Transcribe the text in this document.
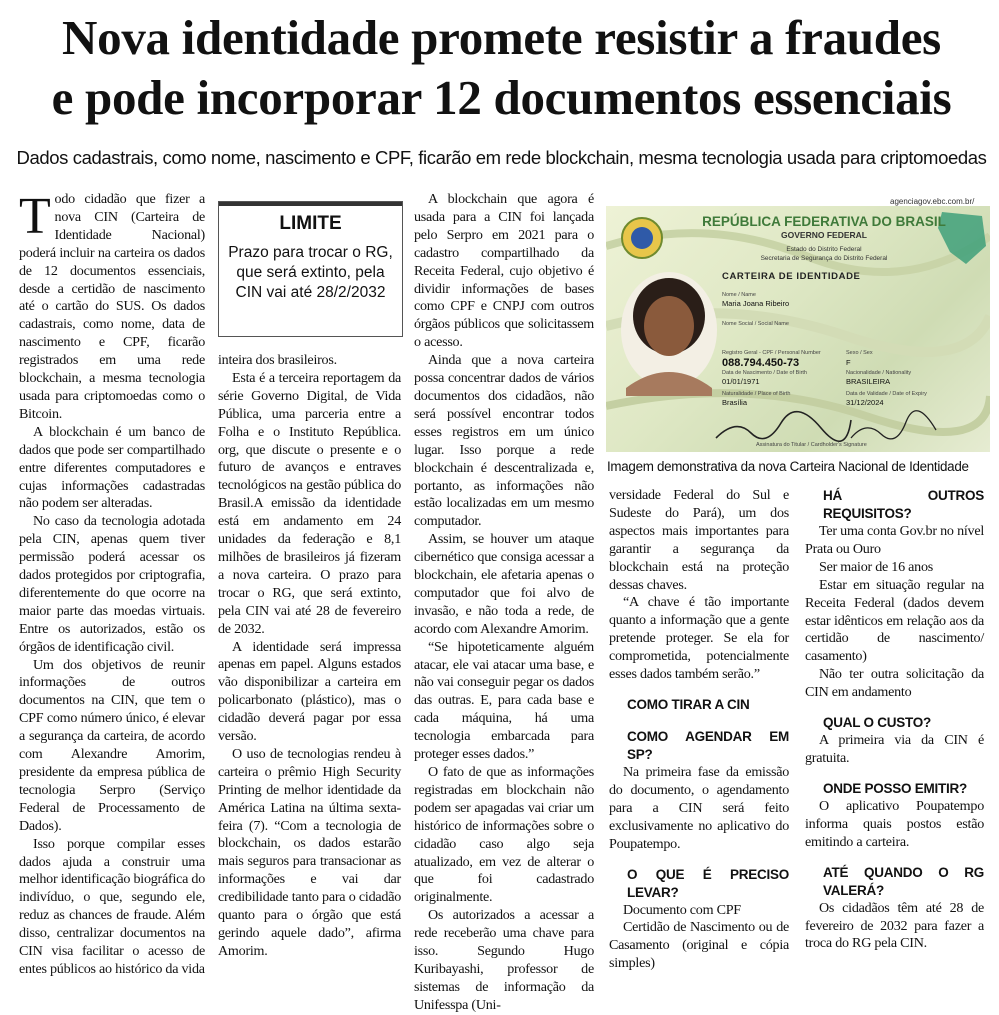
Nova identidade promete resistir a fraudes
e pode incorporar 12 documentos essenciais
Dados cadastrais, como nome, nascimento e CPF, ficarão em rede blockchain, mesma tecnologia usada para criptomoedas

Todo cidadão que fizer a nova CIN (Carteira de Identidade Nacional) poderá incluir na carteira os dados de 12 documentos essenciais, desde a certidão de nascimento até o cartão do SUS. Os dados cadastrais, como nome, data de nascimento e CPF, ficarão registrados em uma rede blockchain, a mesma tecnologia usada para criptomoedas como o Bitcoin.

A blockchain é um banco de dados que pode ser compartilhado entre diferentes computadores e cujas informações cadastradas não podem ser alteradas.

No caso da tecnologia adotada pela CIN, apenas quem tiver permissão poderá acessar os dados protegidos por criptografia, diferentemente do que ocorre na maior parte das moedas virtuais. Entre os autorizados, estão os órgãos de identificação civil.

Um dos objetivos de reunir informações de outros documentos na CIN, que tem o CPF como número único, é elevar a segurança da carteira, de acordo com Alexandre Amorim, presidente da empresa pública de tecnologia Serpro (Serviço Federal de Processamento de Dados).

Isso porque compilar esses dados ajuda a construir uma melhor identificação biográfica do indivíduo, o que, segundo ele, reduz as chances de fraude. Além disso, centralizar documentos na CIN visa facilitar o acesso de entes públicos ao histórico da vida

LIMITE
Prazo para trocar o RG, que será extinto, pela CIN vai até 28/2/2032

inteira dos brasileiros.

Esta é a terceira reportagem da série Governo Digital, de Vida Pública, uma parceria entre a Folha e o Instituto República. org, que discute o presente e o futuro de avanços e entraves tecnológicos na gestão pública do Brasil.A emissão da identidade está em andamento em 24 unidades da federação e 8,1 milhões de brasileiros já fizeram a nova carteira. O prazo para trocar o RG, que será extinto, pela CIN vai até 28 de fevereiro de 2032.

A identidade será impressa apenas em papel. Alguns estados vão disponibilizar a carteira em policarbonato (plástico), mas o cidadão deverá pagar por essa versão.

O uso de tecnologias rendeu à carteira o prêmio High Security Printing de melhor identidade da América Latina na última sexta-feira (7). “Com a tecnologia de blockchain, os dados estarão mais seguros para transacionar as informações e vai dar credibilidade tanto para o cidadão quanto para o órgão que está gerindo aquele dado”, afirma Amorim.

A blockchain que agora é usada para a CIN foi lançada pelo Serpro em 2021 para o cadastro compartilhado da Receita Federal, cujo objetivo é dividir informações de bases como CPF e CNPJ com outros órgãos públicos que solicitassem o acesso.

Ainda que a nova carteira possa concentrar dados de vários documentos dos cidadãos, não será possível encontrar todos esses registros em um único lugar. Isso porque a rede blockchain é descentralizada e, portanto, as informações não estão localizadas em um mesmo computador.

Assim, se houver um ataque cibernético que consiga acessar a blockchain, ele afetaria apenas o computador que foi alvo de invasão, e não toda a rede, de acordo com Alexandre Amorim.

“Se hipoteticamente alguém atacar, ele vai atacar uma base, e não vai conseguir pegar os dados das outras. E, para cada base e cada máquina, há uma tecnologia embarcada para proteger esses dados.”

O fato de que as informações registradas em blockchain não podem ser apagadas vai criar um histórico de informações sobre o cidadão caso algo seja atualizado, em vez de alterar o que foi cadastrado originalmente.

Os autorizados a acessar a rede receberão uma chave para isso. Segundo Hugo Kuribayashi, professor de sistemas de informação da Unifesspa (Uni-

agenciagov.ebc.com.br/
REPÚBLICA FEDERATIVA DO BRASIL
GOVERNO FEDERAL
Estado do Distrito Federal
Secretaria de Segurança do Distrito Federal
CARTEIRA DE IDENTIDADE
Nome / Name
Maria Joana Ribeiro
Nome Social / Social Name
Registro Geral - CPF / Personal Number
088.794.450-73
Sexo / Sex
F
Data de Nascimento / Date of Birth
01/01/1971
Nacionalidade / Nationality
BRASILEIRA
Naturalidade / Place of Birth
Brasília
Data de Validade / Date of Expiry
31/12/2024
Assinatura do Titular / Cardholder's Signature
Imagem demonstrativa da nova Carteira Nacional de Identidade

versidade Federal do Sul e Sudeste do Pará), um dos aspectos mais importantes para garantir a segurança da blockchain está na proteção dessas chaves.

“A chave é tão importante quanto a informação que a gente pretende proteger. Se ela for comprometida, potencialmente esses dados também serão.”

COMO TIRAR A CIN
COMO AGENDAR EM SP?

Na primeira fase da emissão do documento, o agendamento para a CIN será feito exclusivamente no aplicativo do Poupatempo.

O QUE É PRECISO LEVAR?

Documento com CPF

Certidão de Nascimento ou de Casamento (original e cópia simples)

HÁ OUTROS REQUISITOS?

Ter uma conta Gov.br no nível Prata ou Ouro

Ser maior de 16 anos

Estar em situação regular na Receita Federal (dados devem estar idênticos em relação aos da certidão de nascimento/ casamento)

Não ter outra solicitação da CIN em andamento

QUAL O CUSTO?

A primeira via da CIN é gratuita.

ONDE POSSO EMITIR?

O aplicativo Poupatempo informa quais postos estão emitindo a carteira.

ATÉ QUANDO O RG VALERÁ?

Os cidadãos têm até 28 de fevereiro de 2032 para fazer a troca do RG pela CIN.
